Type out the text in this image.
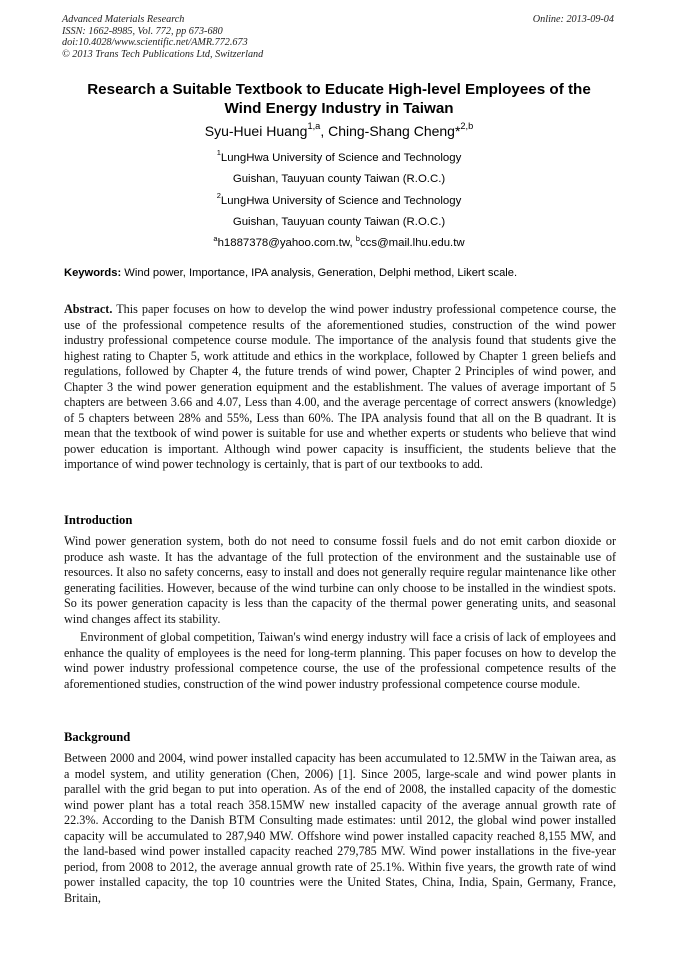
Advanced Materials Research
ISSN: 1662-8985, Vol. 772, pp 673-680
doi:10.4028/www.scientific.net/AMR.772.673
© 2013 Trans Tech Publications Ltd, Switzerland
Online: 2013-09-04
Research a Suitable Textbook to Educate High-level Employees of the
Wind Energy Industry in Taiwan
Syu-Huei Huang$^{1,a}$, Ching-Shang Cheng*$^{2,b}$
$^1$LungHwa University of Science and Technology
Guishan, Tauyuan county Taiwan (R.O.C.)
$^2$LungHwa University of Science and Technology
Guishan, Tauyuan county Taiwan (R.O.C.)
$^a$h1887378@yahoo.com.tw, $^b$ccs@mail.lhu.edu.tw
Keywords: Wind power, Importance, IPA analysis, Generation, Delphi method, Likert scale.
Abstract. This paper focuses on how to develop the wind power industry professional competence course, the use of the professional competence results of the aforementioned studies, construction of the wind power industry professional competence course module. The importance of the analysis found that students give the highest rating to Chapter 5, work attitude and ethics in the workplace, followed by Chapter 1 green beliefs and regulations, followed by Chapter 4, the future trends of wind power, Chapter 2 Principles of wind power, and Chapter 3 the wind power generation equipment and the establishment. The values of average important of 5 chapters are between 3.66 and 4.07, Less than 4.00, and the average percentage of correct answers (knowledge) of 5 chapters between 28% and 55%, Less than 60%. The IPA analysis found that all on the B quadrant. It is mean that the textbook of wind power is suitable for use and whether experts or students who believe that wind power education is important. Although wind power capacity is insufficient, the students believe that the importance of wind power technology is certainly, that is part of our textbooks to add.
Introduction
Wind power generation system, both do not need to consume fossil fuels and do not emit carbon dioxide or produce ash waste. It has the advantage of the full protection of the environment and the sustainable use of resources. It also no safety concerns, easy to install and does not generally require regular maintenance like other generating facilities. However, because of the wind turbine can only choose to be installed in the windiest spots. So its power generation capacity is less than the capacity of the thermal power generating units, and seasonal wind changes affect its stability.
Environment of global competition, Taiwan's wind energy industry will face a crisis of lack of employees and enhance the quality of employees is the need for long-term planning. This paper focuses on how to develop the wind power industry professional competence course, the use of the professional competence results of the aforementioned studies, construction of the wind power industry professional competence course module.
Background
Between 2000 and 2004, wind power installed capacity has been accumulated to 12.5MW in the Taiwan area, as a model system, and utility generation (Chen, 2006) [1]. Since 2005, large-scale and wind power plants in parallel with the grid began to put into operation. As of the end of 2008, the installed capacity of the domestic wind power plant has a total reach 358.15MW new installed capacity of the average annual growth rate of 22.3%. According to the Danish BTM Consulting made estimates: until 2012, the global wind power installed capacity will be accumulated to 287,940 MW. Offshore wind power installed capacity reached 8,155 MW, and the land-based wind power installed capacity reached 279,785 MW. Wind power installations in the five-year period, from 2008 to 2012, the average annual growth rate of 25.1%. Within five years, the growth rate of wind power installed capacity, the top 10 countries were the United States, China, India, Spain, Germany, France, Britain,
